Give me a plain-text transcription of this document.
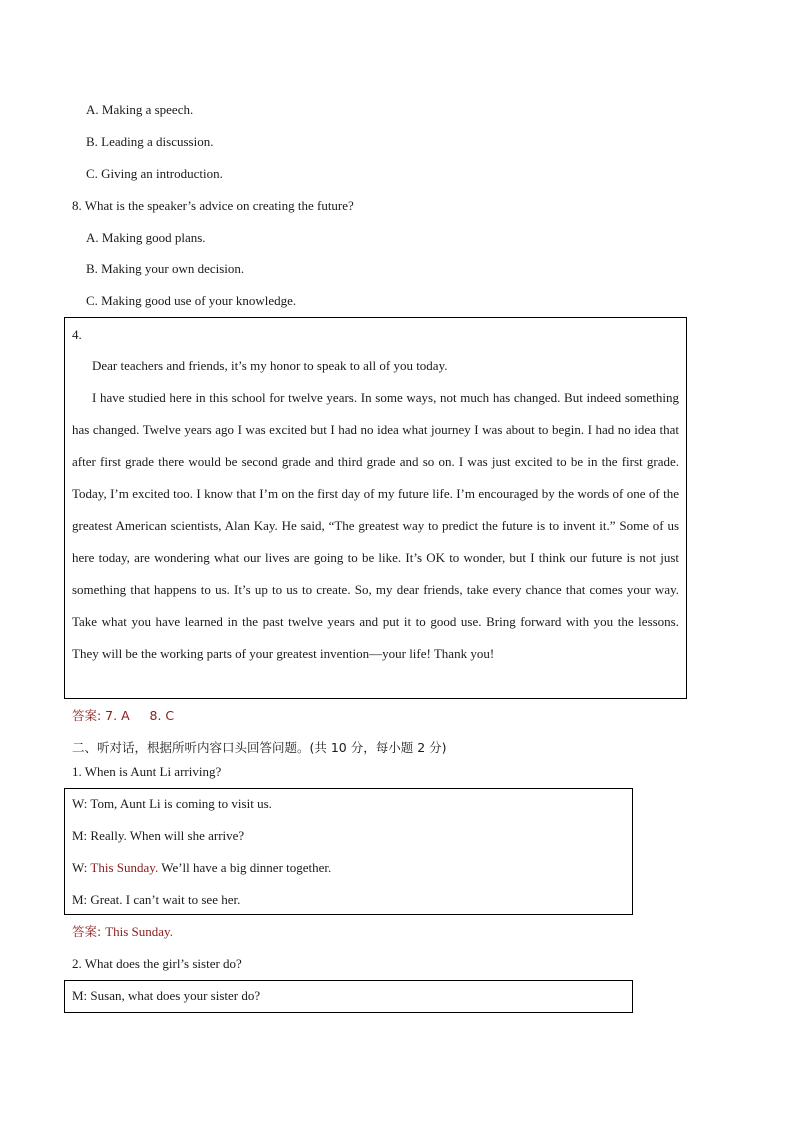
A. Making a speech.
B. Leading a discussion.
C. Giving an introduction.
8. What is the speaker’s advice on creating the future?
A. Making good plans.
B. Making your own decision.
C. Making good use of your knowledge.
4.
Dear teachers and friends, it’s my honor to speak to all of you today.
I have studied here in this school for twelve years. In some ways, not much has changed. But indeed something has changed. Twelve years ago I was excited but I had no idea what journey I was about to begin. I had no idea that after first grade there would be second grade and third grade and so on. I was just excited to be in the first grade. Today, I’m excited too. I know that I’m on the first day of my future life. I’m encouraged by the words of one of the greatest American scientists, Alan Kay. He said, “The greatest way to predict the future is to invent it.” Some of us here today, are wondering what our lives are going to be like. It’s OK to wonder, but I think our future is not just something that happens to us. It’s up to us to create. So, my dear friends, take every chance that comes your way. Take what you have learned in the past twelve years and put it to good use. Bring forward with you the lessons. They will be the working parts of your greatest invention—your life! Thank you!
答案: 7. A     8. C
二、听对话，根据所听内容口头回答问题。(共 10 分，每小题 2 分)
1. When is Aunt Li arriving?
W: Tom, Aunt Li is coming to visit us.
M: Really. When will she arrive?
W: This Sunday. We’ll have a big dinner together.
M: Great. I can’t wait to see her.
答案: This Sunday.
2. What does the girl’s sister do?
M: Susan, what does your sister do?
